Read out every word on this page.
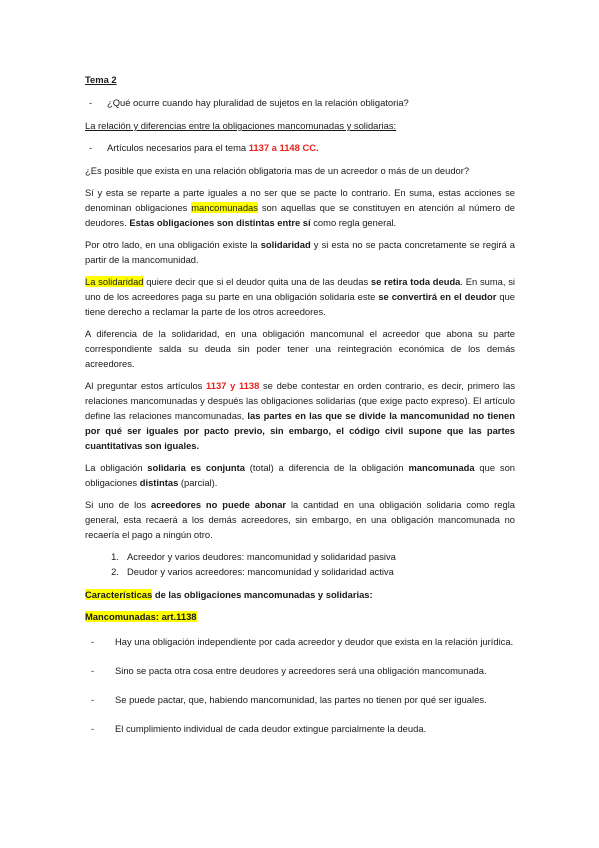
Tema 2

-	¿Qué ocurre cuando hay pluralidad de sujetos en la relación obligatoria?

La relación y diferencias entre la obligaciones mancomunadas y solidarias:

-	Artículos necesarios para el tema 1137 a 1148 CC.

¿Es posible que exista en una relación obligatoria mas de un acreedor o más de un deudor?

Sí y esta se reparte a parte iguales a no ser que se pacte lo contrario. En suma, estas acciones se denominan obligaciones mancomunadas son aquellas que se constituyen en atención al número de deudores. Estas obligaciones son distintas entre sí como regla general.

Por otro lado, en una obligación existe la solidaridad y si esta no se pacta concretamente se regirá a partir de la mancomunidad.

La solidaridad quiere decir que si el deudor quita una de las deudas se retira toda deuda. En suma, si uno de los acreedores paga su parte en una obligación solidaria este se convertirá en el deudor que tiene derecho a reclamar la parte de los otros acreedores.

A diferencia de la solidaridad, en una obligación mancomunal el acreedor que abona su parte correspondiente salda su deuda sin poder tener una reintegración económica de los demás acreedores.

Al preguntar estos artículos 1137 y 1138 se debe contestar en orden contrario, es decir, primero las relaciones mancomunadas y después las obligaciones solidarias (que exige pacto expreso). El artículo define las relaciones mancomunadas, las partes en las que se divide la mancomunidad no tienen por qué ser iguales por pacto previo, sin embargo, el código civil supone que las partes cuantitativas son iguales.

La obligación solidaria es conjunta (total) a diferencia de la obligación mancomunada que son obligaciones distintas (parcial).

Si uno de los acreedores no puede abonar la cantidad en una obligación solidaria como regla general, esta recaerá a los demás acreedores, sin embargo, en una obligación mancomunada no recaería el pago a ningún otro.

1. Acreedor y varios deudores: mancomunidad y solidaridad pasiva
2. Deudor y varios acreedores: mancomunidad y solidaridad activa

Características de las obligaciones mancomunadas y solidarias:

Mancomunadas: art.1138

-	Hay una obligación independiente por cada acreedor y deudor que exista en la relación jurídica.
-	Sino se pacta otra cosa entre deudores y acreedores será una obligación mancomunada.
-	Se puede pactar, que, habiendo mancomunidad, las partes no tienen por qué ser iguales.
-	El cumplimiento individual de cada deudor extingue parcialmente la deuda.
